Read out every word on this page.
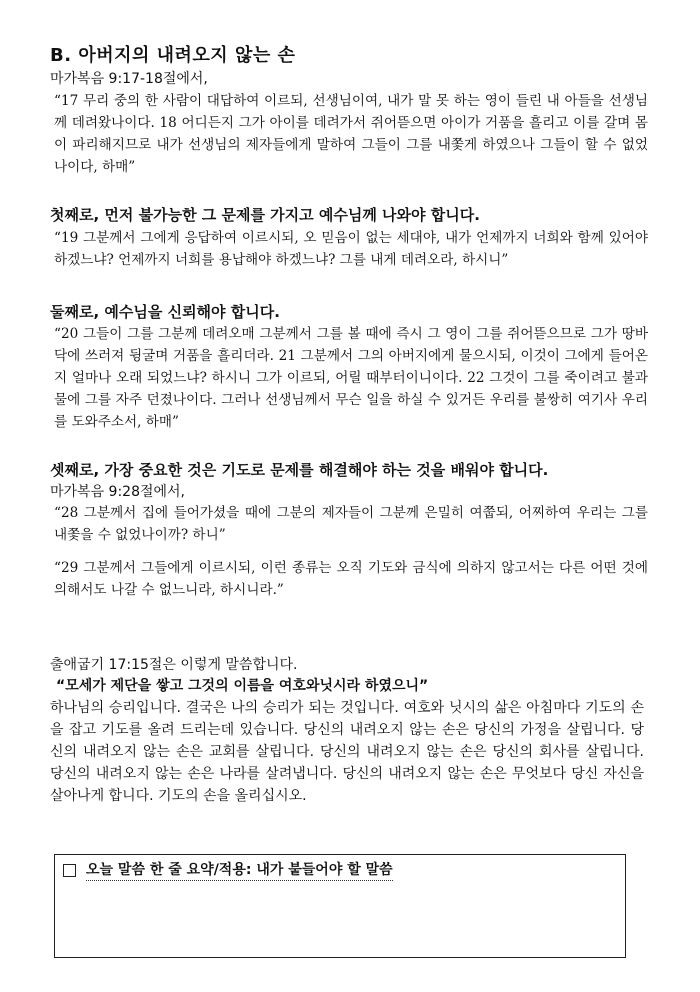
B. 아버지의 내려오지 않는 손
마가복음 9:17-18절에서,
“17 무리 중의 한 사람이 대답하여 이르되, 선생님이여, 내가 말 못 하는 영이 들린 내 아들을 선생님께 데려왔나이다. 18 어디든지 그가 아이를 데려가서 쥐어뜯으면 아이가 거품을 흘리고 이를 갈며 몸이 파리해지므로 내가 선생님의 제자들에게 말하여 그들이 그를 내쫓게 하였으나 그들이 할 수 없었나이다, 하매”
첫째로, 먼저 불가능한 그 문제를 가지고 예수님께 나와야 합니다.
“19 그분께서 그에게 응답하여 이르시되, 오 믿음이 없는 세대야, 내가 언제까지 너희와 함께 있어야 하겠느냐? 언제까지 너희를 용납해야 하겠느냐? 그를 내게 데려오라, 하시니”
둘째로, 예수님을 신뢰해야 합니다.
“20 그들이 그를 그분께 데려오매 그분께서 그를 볼 때에 즉시 그 영이 그를 쥐어뜯으므로 그가 땅바닥에 쓰러져 뒹굴며 거품을 흘리더라. 21 그분께서 그의 아버지에게 물으시되, 이것이 그에게 들어온 지 얼마나 오래 되었느냐? 하시니 그가 이르되, 어릴 때부터이니이다. 22 그것이 그를 죽이려고 불과 물에 그를 자주 던졌나이다. 그러나 선생님께서 무슨 일을 하실 수 있거든 우리를 불쌍히 여기사 우리를 도와주소서, 하매”
셋째로, 가장 중요한 것은 기도로 문제를 해결해야 하는 것을 배워야 합니다.
마가복음 9:28절에서,
“28 그분께서 집에 들어가셨을 때에 그분의 제자들이 그분께 은밀히 여쭙되, 어찌하여 우리는 그를 내쫓을 수 없었나이까? 하니”
“29 그분께서 그들에게 이르시되, 이런 종류는 오직 기도와 금식에 의하지 않고서는 다른 어떤 것에 의해서도 나갈 수 없느니라, 하시니라.”
출애굽기 17:15절은 이렇게 말씀합니다.
“모세가 제단을 쌓고 그것의 이름을 여호와닛시라 하였으니”
하나님의 승리입니다. 결국은 나의 승리가 되는 것입니다. 여호와 닛시의 삶은 아침마다 기도의 손을 잡고 기도를 올려 드리는데 있습니다. 당신의 내려오지 않는 손은 당신의 가정을 살립니다. 당신의 내려오지 않는 손은 교회를 살립니다. 당신의 내려오지 않는 손은 당신의 회사를 살립니다. 당신의 내려오지 않는 손은 나라를 살려냅니다. 당신의 내려오지 않는 손은 무엇보다 당신 자신을 살아나게 합니다. 기도의 손을 올리십시오.
오늘 말씀 한 줄 요약/적용: 내가 붙들어야 할 말씀
